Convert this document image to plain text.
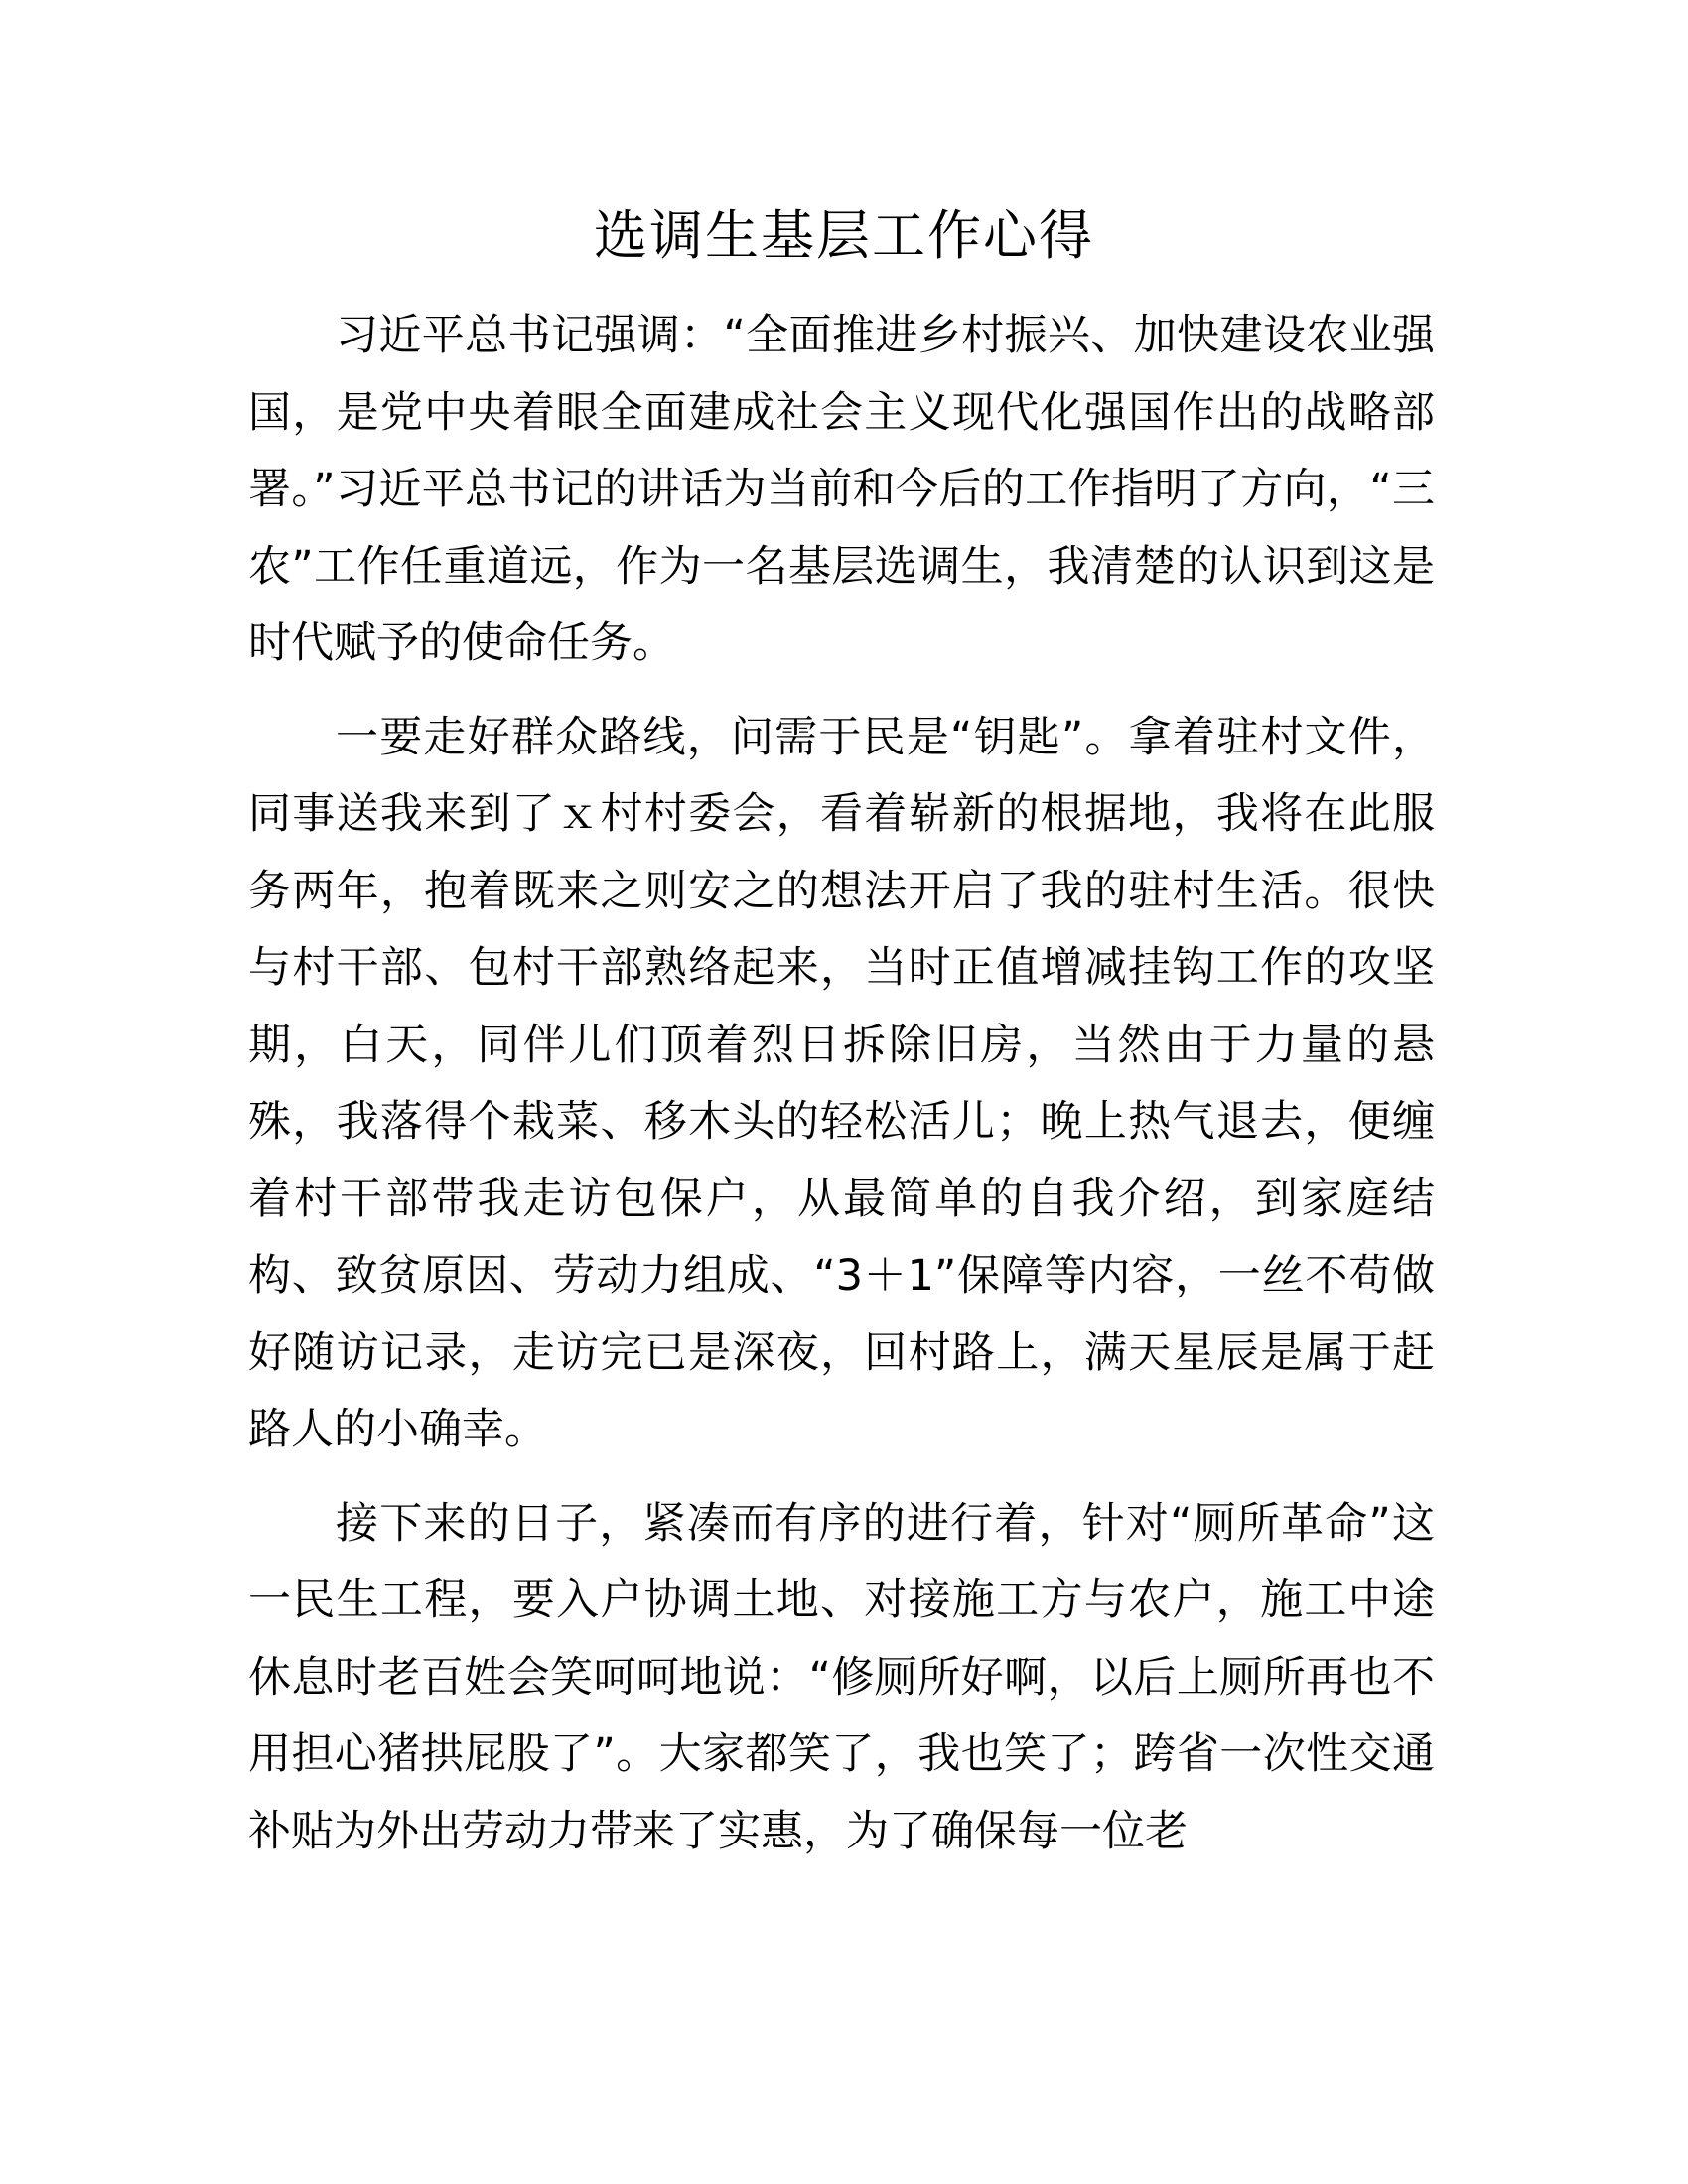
选调生基层工作心得

习近平总书记强调：“全面推进乡村振兴、加快建设农业强国，是党中央着眼全面建成社会主义现代化强国作出的战略部署。”习近平总书记的讲话为当前和今后的工作指明了方向，“三农”工作任重道远，作为一名基层选调生，我清楚的认识到这是时代赋予的使命任务。

一要走好群众路线，问需于民是“钥匙”。拿着驻村文件，同事送我来到了ｘ村村委会，看着崭新的根据地，我将在此服务两年，抱着既来之则安之的想法开启了我的驻村生活。很快与村干部、包村干部熟络起来，当时正值增减挂钩工作的攻坚期，白天，同伴儿们顶着烈日拆除旧房，当然由于力量的悬殊，我落得个栽菜、移木头的轻松活儿；晚上热气退去，便缠着村干部带我走访包保户，从最简单的自我介绍，到家庭结构、致贫原因、劳动力组成、“3＋1”保障等内容，一丝不苟做好随访记录，走访完已是深夜，回村路上，满天星辰是属于赶路人的小确幸。

接下来的日子，紧凑而有序的进行着，针对“厕所革命”这一民生工程，要入户协调土地、对接施工方与农户，施工中途休息时老百姓会笑呵呵地说：“修厕所好啊，以后上厕所再也不用担心猪拱屁股了”。大家都笑了，我也笑了；跨省一次性交通补贴为外出劳动力带来了实惠，为了确保每一位老
